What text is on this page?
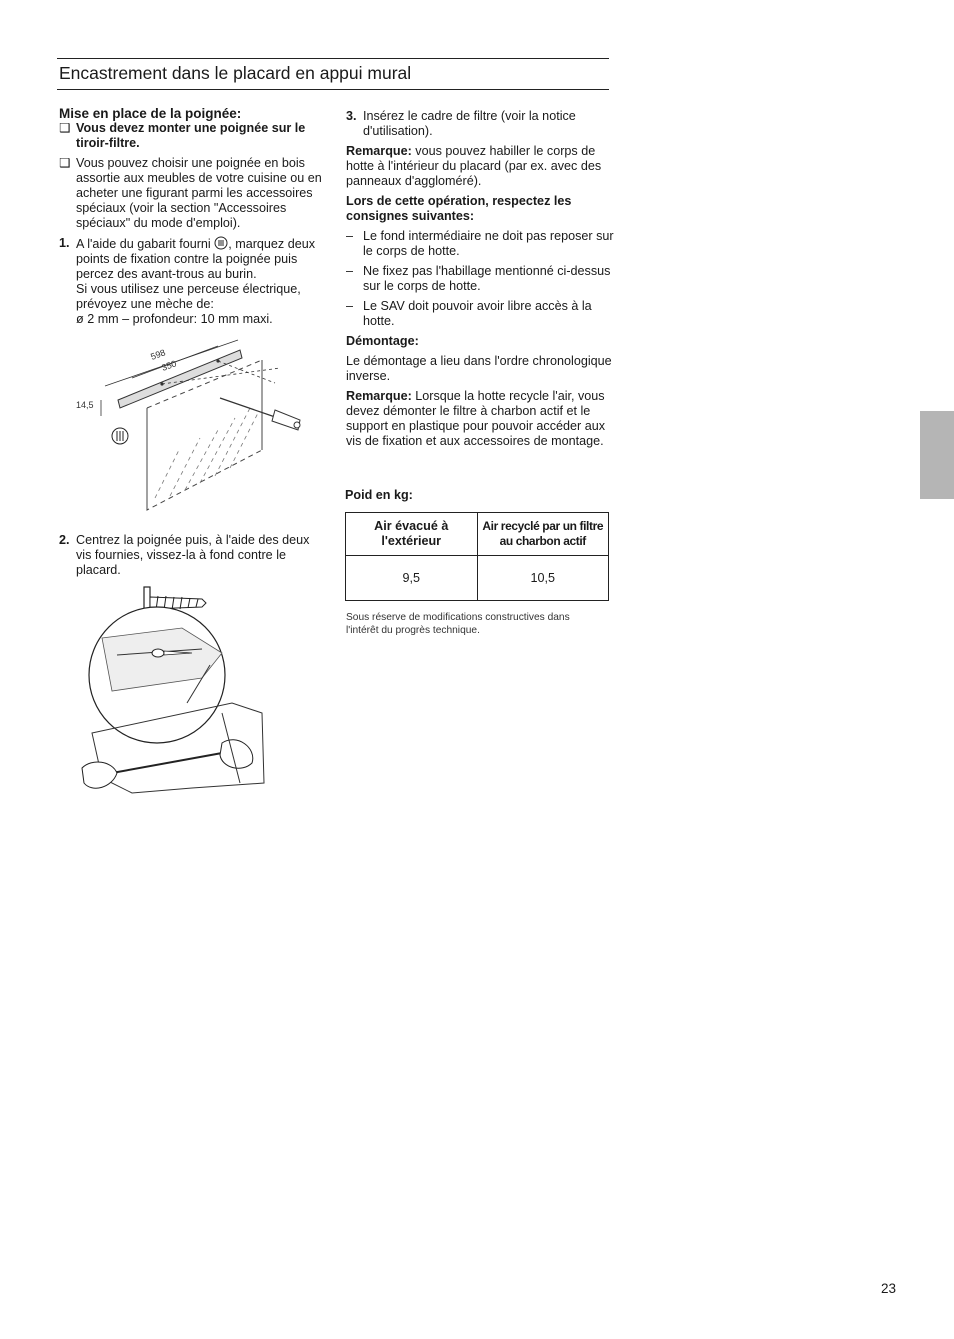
Encastrement dans le placard en appui mural

Mise en place de la poignée:

❑ Vous devez monter une poignée sur le tiroir-filtre.
❑ Vous pouvez choisir une poignée en bois assortie aux meubles de votre cuisine ou en acheter une figurant parmi les accessoires spéciaux (voir la section "Accessoires spéciaux" du mode d'emploi).
1. A l'aide du gabarit fourni , marquez deux points de fixation contre la poignée puis percez des avant-trous au burin.
Si vous utilisez une perceuse électrique, prévoyez une mèche de:
ø 2 mm – profondeur: 10 mm maxi.
598
350
14,5
2. Centrez la poignée puis, à l'aide des deux vis fournies, vissez-la à fond contre le placard.
3. Insérez le cadre de filtre (voir la notice d'utilisation).

Remarque: vous pouvez habiller le corps de hotte à l'intérieur du placard (par ex. avec des panneaux d'aggloméré).

Lors de cette opération, respectez les consignes suivantes:

– Le fond intermédiaire ne doit pas reposer sur le corps de hotte.
– Ne fixez pas l'habillage mentionné ci-dessus sur le corps de hotte.
– Le SAV doit pouvoir avoir libre accès à la hotte.

Démontage:

Le démontage a lieu dans l'ordre chronologique inverse.

Remarque: Lorsque la hotte recycle l'air, vous devez démonter le filtre à charbon actif et le support en plastique pour pouvoir accéder aux vis de fixation et aux accessoires de montage.

Poid en kg:
Air évacué à l'extérieur	Air recyclé par un filtre au charbon actif
9,5	10,5
Sous réserve de modifications constructives dans l'intérêt du progrès technique.
23
